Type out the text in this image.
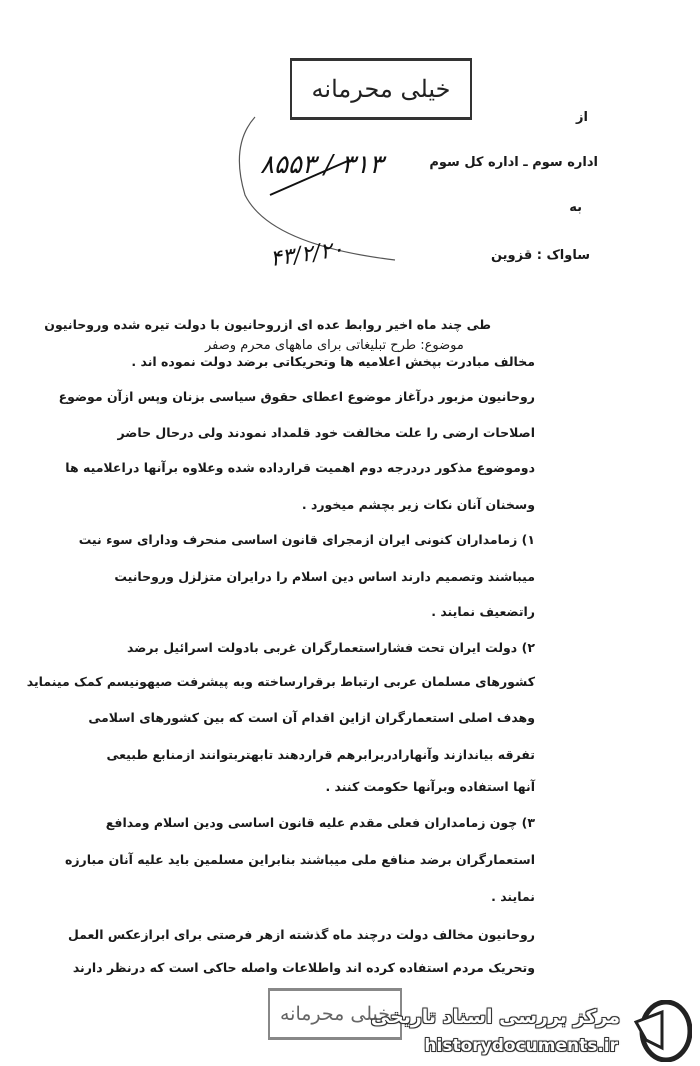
خیلی محرمانه
از
اداره سوم ـ اداره کل سوم
به
ساواک : قزوین
۸۵۵۳ / ۳۱۳
۴۳/۲/۲۰
موضوع: طرح تبلیغاتی برای ماههای محرم وصفر
طی چند ماه اخیر روابط عده ای ازروحانیون با دولت تیره شده وروحانیون
مخالف مبادرت بپخش اعلامیه ها وتحریکاتی برضد دولت نموده اند .
روحانیون مزبور درآغاز موضوع اعطای حقوق سیاسی بزنان وپس ازآن موضوع
اصلاحات ارضی را علت مخالفت خود قلمداد نمودند ولی درحال حاضر
دوموضوع مذکور دردرجه دوم اهمیت قرارداده شده وعلاوه برآنها دراعلامیه ها
وسخنان آنان نکات زیر بچشم میخورد .
۱) زمامداران کنونی ایران ازمجرای قانون اساسی منحرف ودارای سوء نیت
میباشند وتصمیم دارند اساس دین اسلام را درایران متزلزل وروحانیت
راتضعیف نمایند .
۲) دولت ایران تحت فشاراستعمارگران غربی بادولت اسرائیل برضد
کشورهای مسلمان عربی ارتباط برقرارساخته وبه پیشرفت صیهونیسم کمک مینماید
وهدف اصلی استعمارگران ازاین اقدام آن است که بین کشورهای اسلامی
تفرقه بیاندازند وآنهارادربرابرهم قراردهند تابهتربتوانند ازمنابع طبیعی
آنها استفاده وبرآنها حکومت کنند .
۳) چون زمامداران فعلی مقدم علیه قانون اساسی ودین اسلام ومدافع
استعمارگران برضد منافع ملی میباشند بنابراین مسلمین باید علیه آنان مبارزه
نمایند .
روحانیون مخالف دولت درچند ماه گذشته ازهر فرصتی برای ابرازعکس العمل
وتحریک مردم استفاده کرده اند واطلاعات واصله حاکی است که درنظر دارند
خیلی محرمانه
مرکز بررسی اسناد تاریخی
historydocuments.ir
